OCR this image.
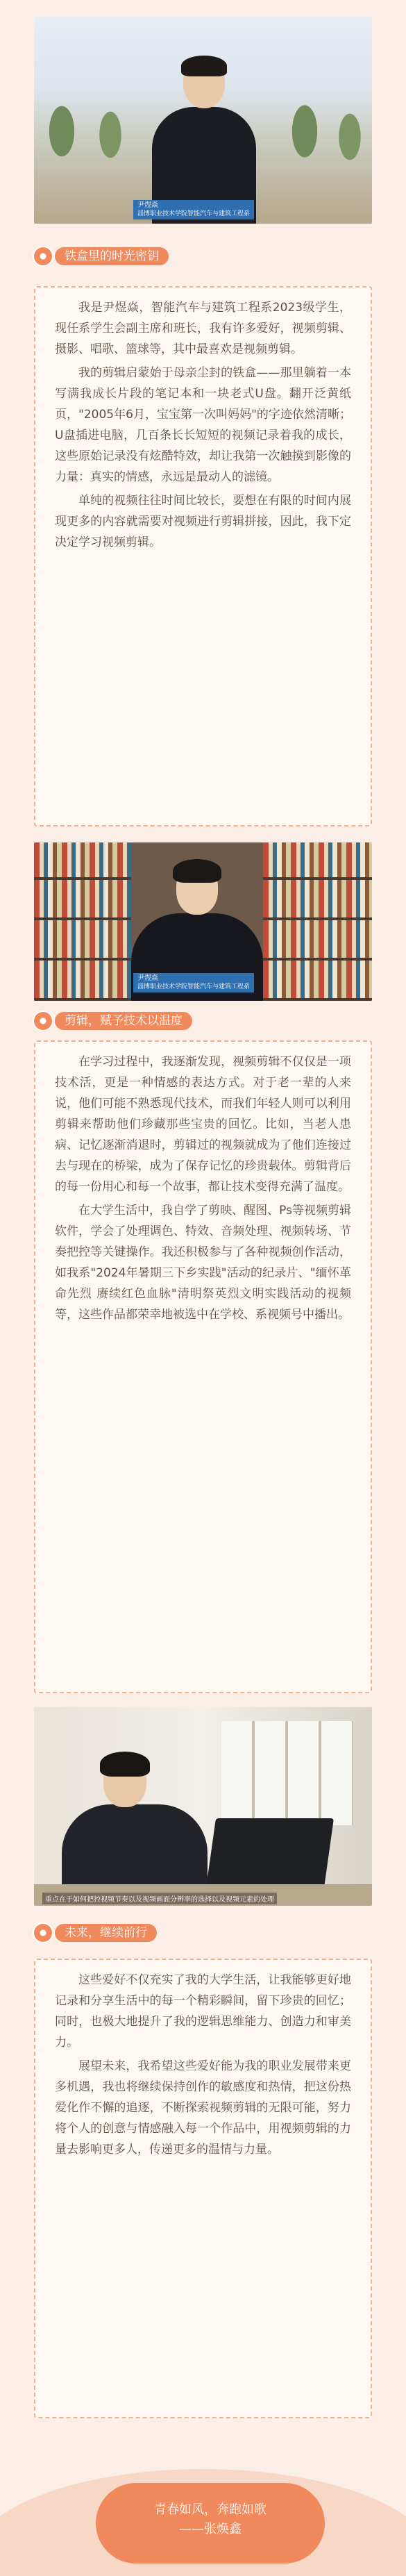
尹煜焱
淄博职业技术学院智能汽车与建筑工程系
铁盒里的时光密钥

我是尹煜焱，智能汽车与建筑工程系2023级学生，现任系学生会副主席和班长，我有许多爱好，视频剪辑、摄影、唱歌、篮球等，其中最喜欢是视频剪辑。

我的剪辑启蒙始于母亲尘封的铁盒——那里躺着一本写满我成长片段的笔记本和一块老式U盘。翻开泛黄纸页，"2005年6月，宝宝第一次叫妈妈"的字迹依然清晰；U盘插进电脑，几百条长长短短的视频记录着我的成长，这些原始记录没有炫酷特效，却让我第一次触摸到影像的力量：真实的情感，永远是最动人的滤镜。

单纯的视频往往时间比较长，要想在有限的时间内展现更多的内容就需要对视频进行剪辑拼接，因此，我下定决定学习视频剪辑。

尹煜焱
淄博职业技术学院智能汽车与建筑工程系
剪辑，赋予技术以温度

在学习过程中，我逐渐发现，视频剪辑不仅仅是一项技术活，更是一种情感的表达方式。对于老一辈的人来说，他们可能不熟悉现代技术，而我们年轻人则可以利用剪辑来帮助他们珍藏那些宝贵的回忆。比如，当老人患病、记忆逐渐消退时，剪辑过的视频就成为了他们连接过去与现在的桥梁，成为了保存记忆的珍贵载体。剪辑背后的每一份用心和每一个故事，都让技术变得充满了温度。

在大学生活中，我自学了剪映、醒图、Ps等视频剪辑软件，学会了处理调色、特效、音频处理、视频转场、节奏把控等关键操作。我还积极参与了各种视频创作活动，如我系"2024年暑期三下乡实践"活动的纪录片、"缅怀革命先烈 赓续红色血脉"清明祭英烈文明实践活动的视频等，这些作品都荣幸地被选中在学校、系视频号中播出。

重点在于如何把控视频节奏以及视频画面分辨率的选择以及视频元素的处理
未来，继续前行

这些爱好不仅充实了我的大学生活，让我能够更好地记录和分享生活中的每一个精彩瞬间，留下珍贵的回忆；同时，也极大地提升了我的逻辑思维能力、创造力和审美力。

展望未来，我希望这些爱好能为我的职业发展带来更多机遇，我也将继续保持创作的敏感度和热情，把这份热爱化作不懈的追逐，不断探索视频剪辑的无限可能，努力将个人的创意与情感融入每一个作品中，用视频剪辑的力量去影响更多人，传递更多的温情与力量。

青春如风，奔跑如歌
——张焕鑫
